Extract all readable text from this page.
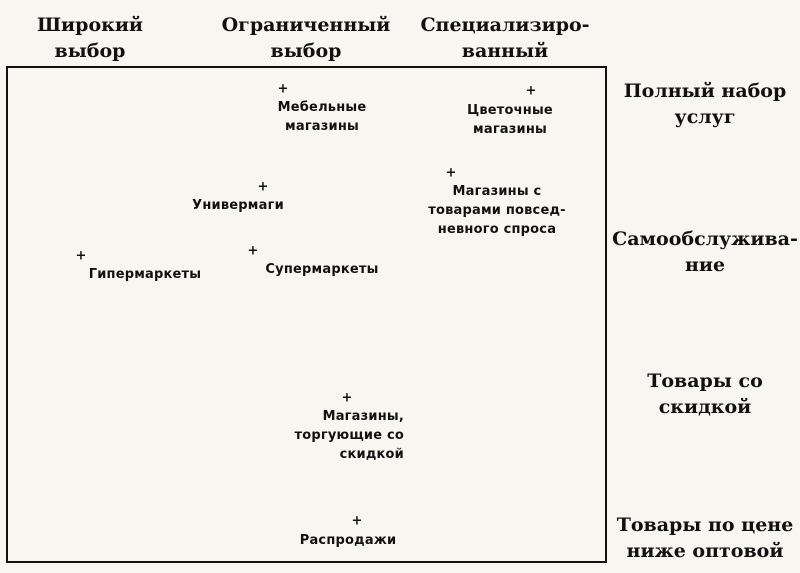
Широкий
выбор
Ограниченный
выбор
Специализиро-
ванный
Полный набор
услуг
Самообслужива-
ние
Товары со
скидкой
Товары по цене
ниже оптовой
+
Мебельные
магазины
+
Цветочные
магазины
+
Универмаги
+
Магазины с
товарами повсед-
невного спроса
+
Гипермаркеты
+
Супермаркеты
+
Магазины,
торгующие со
скидкой
+
Распродажи
